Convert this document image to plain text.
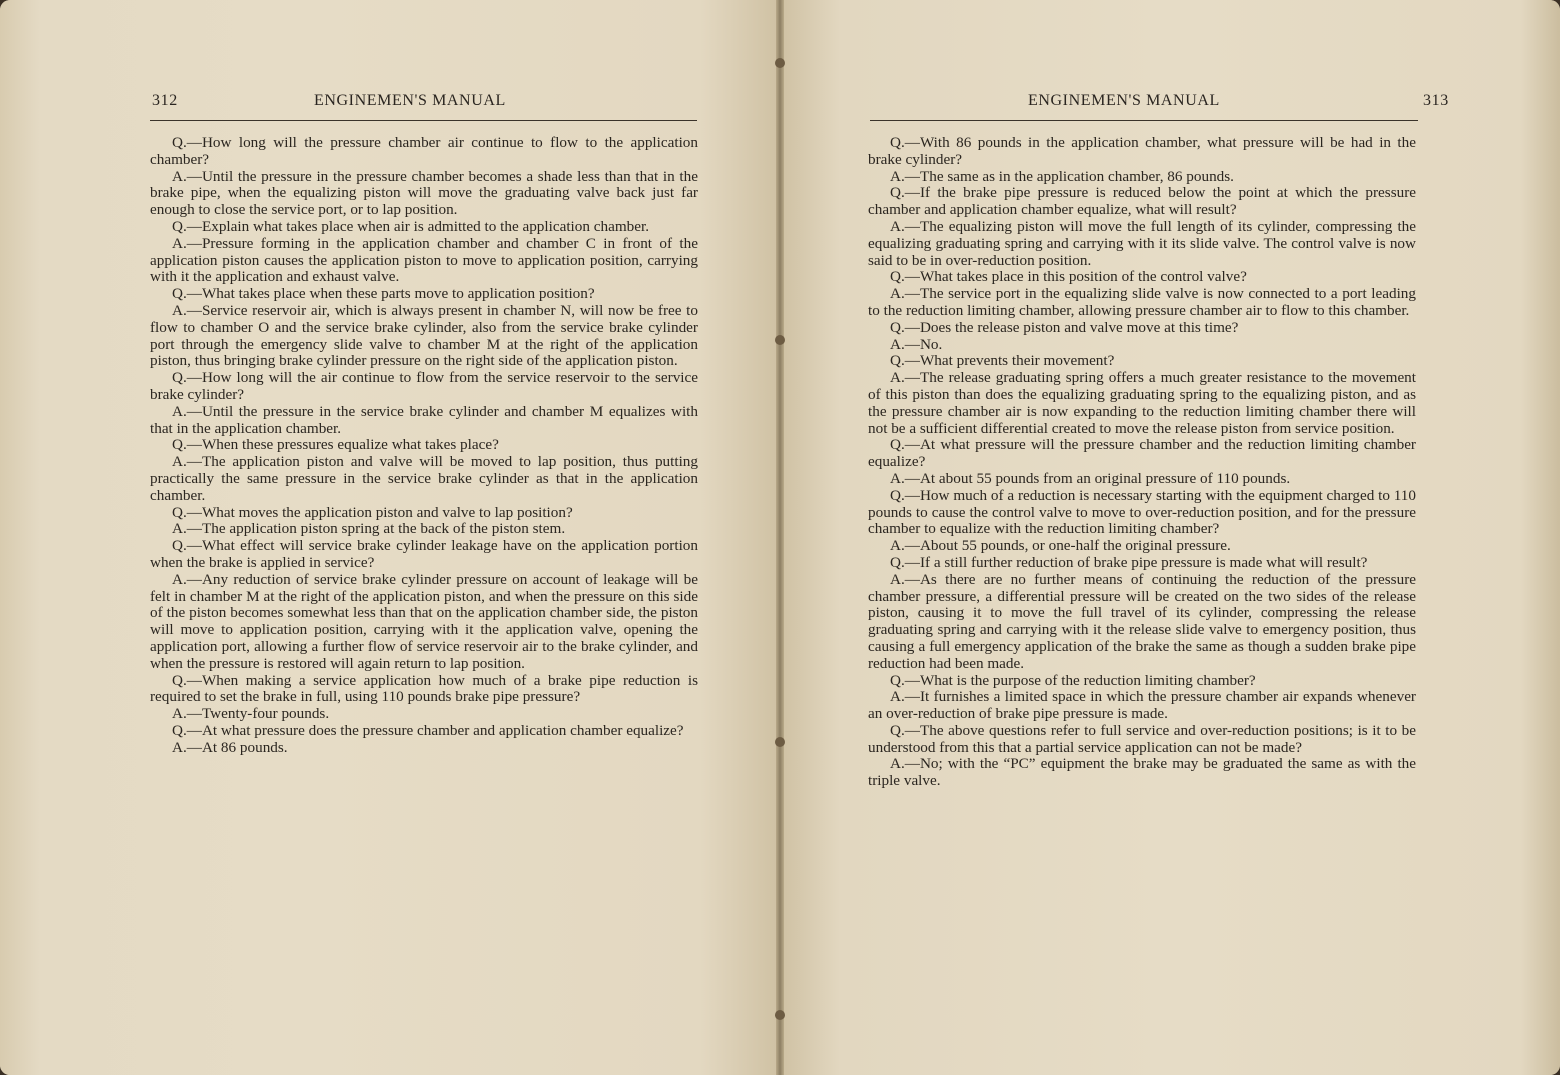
312	ENGINEMEN'S MANUAL

Q.—How long will the pressure chamber air continue to flow to the application chamber?

A.—Until the pressure in the pressure chamber becomes a shade less than that in the brake pipe, when the equalizing piston will move the graduating valve back just far enough to close the service port, or to lap position.

Q.—Explain what takes place when air is admitted to the application chamber.

A.—Pressure forming in the application chamber and chamber C in front of the application piston causes the application piston to move to application position, carrying with it the application and exhaust valve.

Q.—What takes place when these parts move to application position?

A.—Service reservoir air, which is always present in chamber N, will now be free to flow to chamber O and the service brake cylinder, also from the service brake cylinder port through the emergency slide valve to chamber M at the right of the application piston, thus bringing brake cylinder pressure on the right side of the application piston.

Q.—How long will the air continue to flow from the service reservoir to the service brake cylinder?

A.—Until the pressure in the service brake cylinder and chamber M equalizes with that in the application chamber.

Q.—When these pressures equalize what takes place?

A.—The application piston and valve will be moved to lap position, thus putting practically the same pressure in the service brake cylinder as that in the application chamber.

Q.—What moves the application piston and valve to lap position?

A.—The application piston spring at the back of the piston stem.

Q.—What effect will service brake cylinder leakage have on the application portion when the brake is applied in service?

A.—Any reduction of service brake cylinder pressure on account of leakage will be felt in chamber M at the right of the application piston, and when the pressure on this side of the piston becomes somewhat less than that on the application chamber side, the piston will move to application position, carrying with it the application valve, opening the application port, allowing a further flow of service reservoir air to the brake cylinder, and when the pressure is restored will again return to lap position.

Q.—When making a service application how much of a brake pipe reduction is required to set the brake in full, using 110 pounds brake pipe pressure?

A.—Twenty-four pounds.

Q.—At what pressure does the pressure chamber and application chamber equalize?

A.—At 86 pounds.

ENGINEMEN'S MANUAL	313

Q.—With 86 pounds in the application chamber, what pressure will be had in the brake cylinder?

A.—The same as in the application chamber, 86 pounds.

Q.—If the brake pipe pressure is reduced below the point at which the pressure chamber and application chamber equalize, what will result?

A.—The equalizing piston will move the full length of its cylinder, compressing the equalizing graduating spring and carrying with it its slide valve. The control valve is now said to be in over-reduction position.

Q.—What takes place in this position of the control valve?

A.—The service port in the equalizing slide valve is now connected to a port leading to the reduction limiting chamber, allowing pressure chamber air to flow to this chamber.

Q.—Does the release piston and valve move at this time?

A.—No.

Q.—What prevents their movement?

A.—The release graduating spring offers a much greater resistance to the movement of this piston than does the equalizing graduating spring to the equalizing piston, and as the pressure chamber air is now expanding to the reduction limiting chamber there will not be a sufficient differential created to move the release piston from service position.

Q.—At what pressure will the pressure chamber and the reduction limiting chamber equalize?

A.—At about 55 pounds from an original pressure of 110 pounds.

Q.—How much of a reduction is necessary starting with the equipment charged to 110 pounds to cause the control valve to move to over-reduction position, and for the pressure chamber to equalize with the reduction limiting chamber?

A.—About 55 pounds, or one-half the original pressure.

Q.—If a still further reduction of brake pipe pressure is made what will result?

A.—As there are no further means of continuing the reduction of the pressure chamber pressure, a differential pressure will be created on the two sides of the release piston, causing it to move the full travel of its cylinder, compressing the release graduating spring and carrying with it the release slide valve to emergency position, thus causing a full emergency application of the brake the same as though a sudden brake pipe reduction had been made.

Q.—What is the purpose of the reduction limiting chamber?

A.—It furnishes a limited space in which the pressure chamber air expands whenever an over-reduction of brake pipe pressure is made.

Q.—The above questions refer to full service and over-reduction positions; is it to be understood from this that a partial service application can not be made?

A.—No; with the “PC” equipment the brake may be graduated the same as with the triple valve.
